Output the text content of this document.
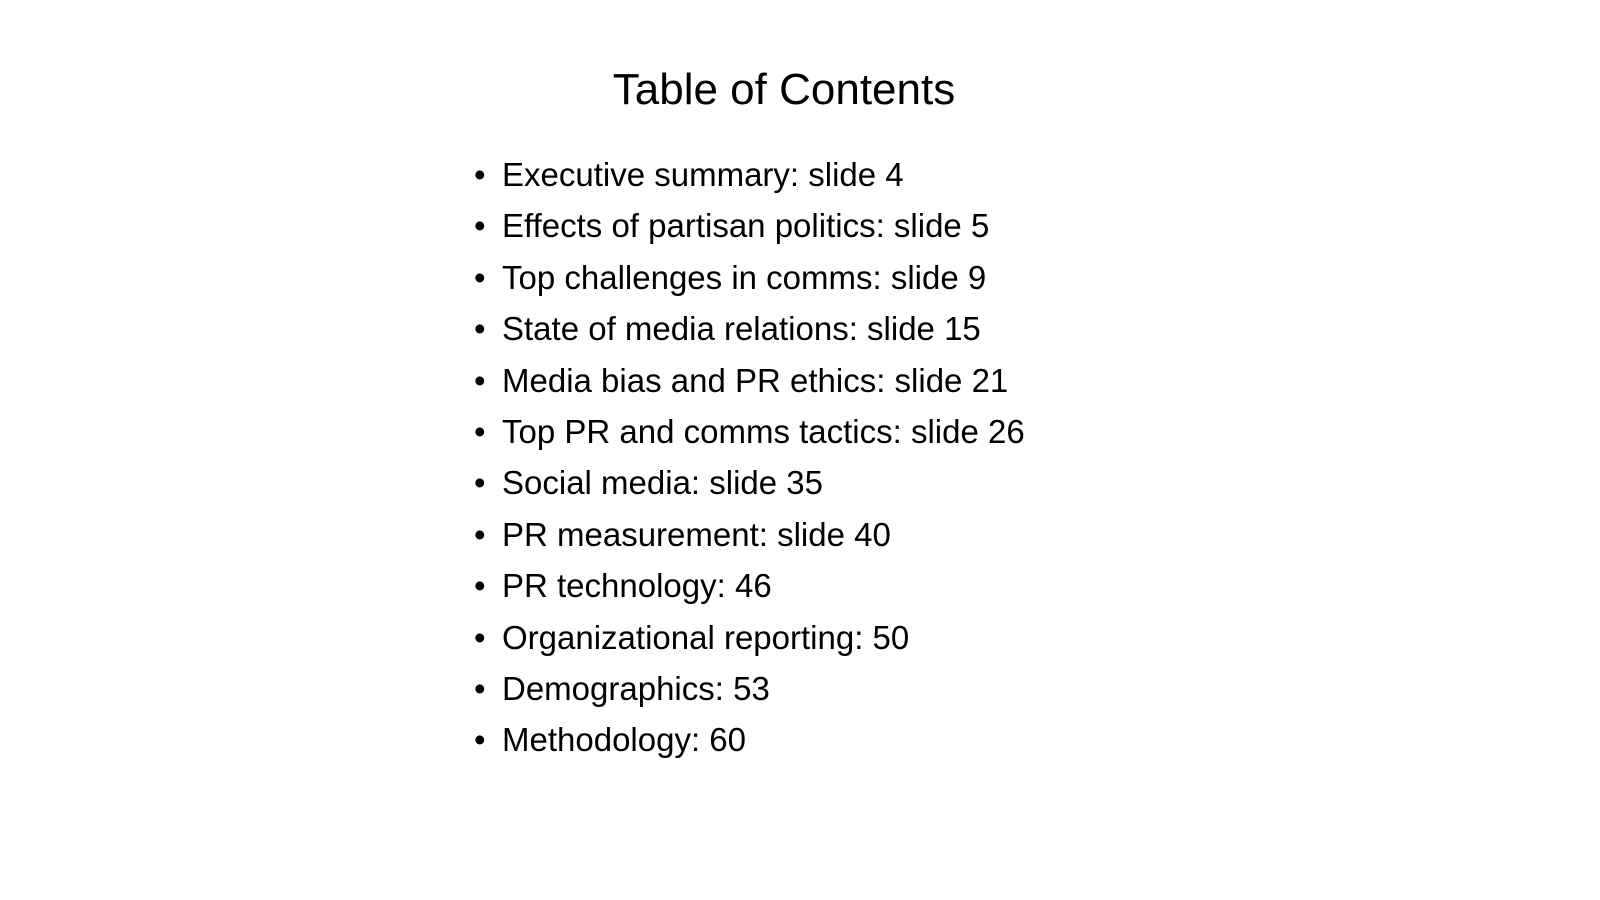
Table of Contents
• Executive summary: slide 4
• Effects of partisan politics: slide 5
• Top challenges in comms: slide 9
• State of media relations: slide 15
• Media bias and PR ethics: slide 21
• Top PR and comms tactics: slide 26
• Social media: slide 35
• PR measurement: slide 40
• PR technology: 46
• Organizational reporting: 50
• Demographics: 53
• Methodology: 60
